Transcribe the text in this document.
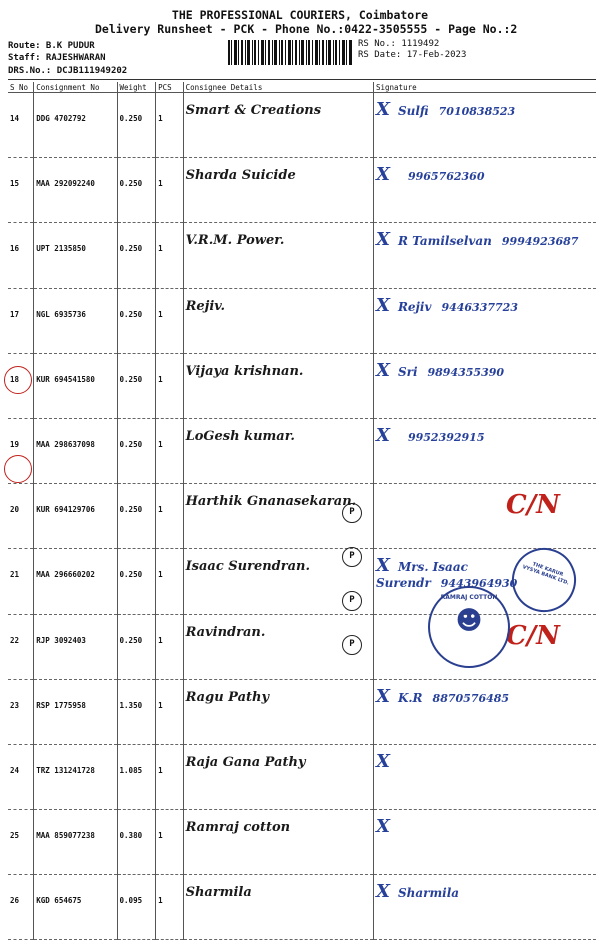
THE PROFESSIONAL COURIERS, Coimbatore
Delivery Runsheet - PCK - Phone No.:0422-3505555 - Page No.:2
Route: B.K PUDUR
Staff: RAJESHWARAN
DRS.No.: DCJB111949202
RS No.: 1119492
RS Date: 17-Feb-2023
S No	Consignment No	Weight	PCS	Consignee Details	Signature
14	DDG 4702792	0.250	1	Smart & Creations	X Sulfi 7010838523
15	MAA 292092240	0.250	1	Sharda Suicide	X 9965762360
16	UPT 2135850	0.250	1	V.R.M. Power.	X R Tamilselvan 9994923687
17	NGL 6935736	0.250	1	Rejiv.	X Rejiv 9446337723
18	KUR 694541580	0.250	1	Vijaya krishnan.	X Sri 9894355390
19	MAA 298637098	0.250	1	LoGesh kumar.	X 9952392915
20	KUR 694129706	0.250	1	Harthik Gnanasekaran.	C/N
21	MAA 296660202	0.250	1	Isaac Surendran.	X Mrs. Isaac Surendr 9443964930
22	RJP 3092403	0.250	1	Ravindran.	C/N
23	RSP 1775958	1.350	1	Ragu Pathy	X K.R 8870576485
24	TRZ 131241728	1.085	1	Raja Gana Pathy	X
25	MAA 859077238	0.380	1	Ramraj cotton	X
26	KGD 654675	0.095	1	Sharmila	X Sharmila
P
P
P
P
RAMRAJ COTTON
☻
THE KARUR VYSYA BANK LTD.
